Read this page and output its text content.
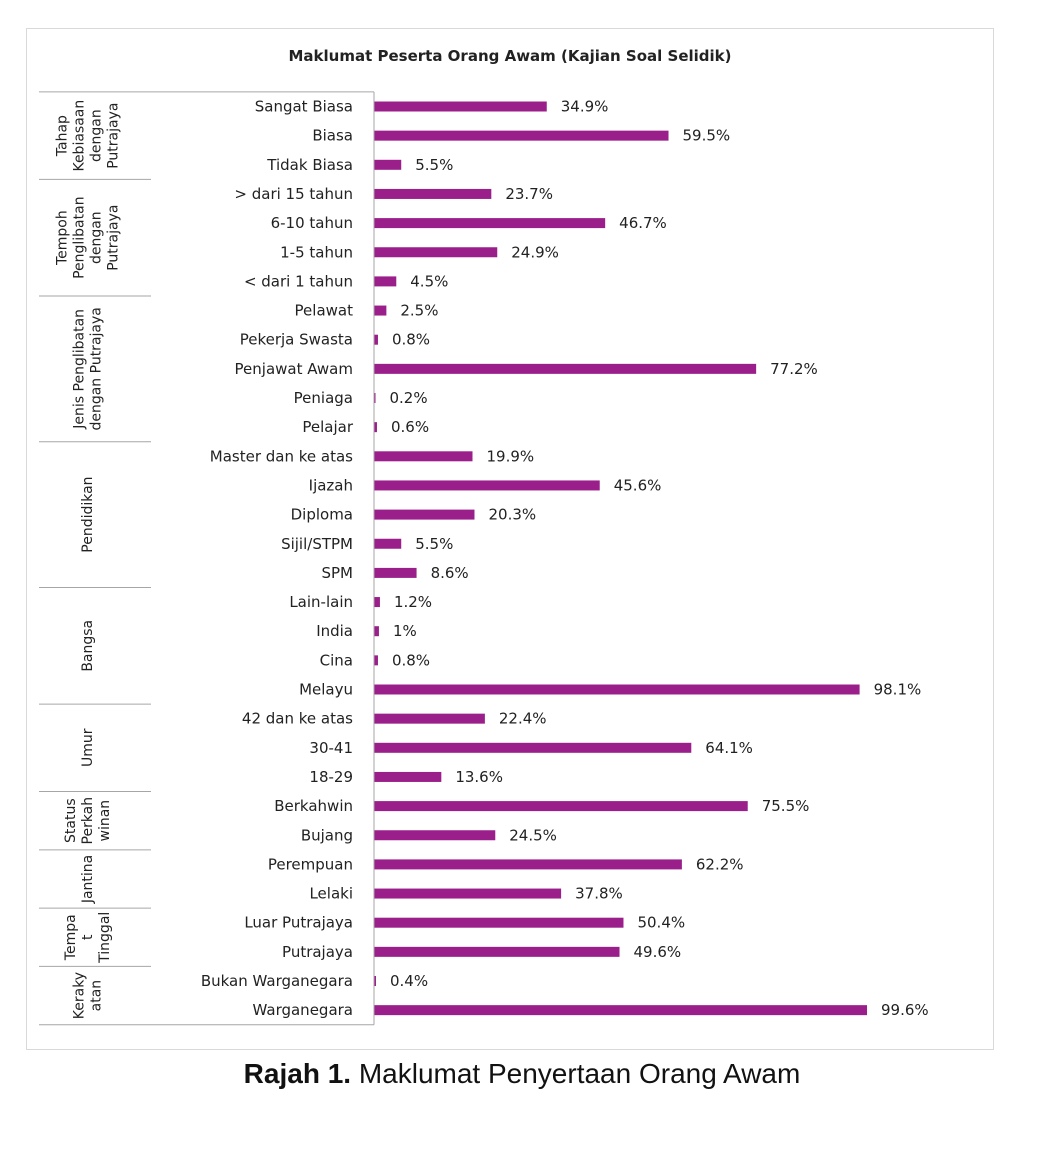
Maklumat Peserta Orang Awam (Kajian Soal Selidik)
Sangat Biasa	34.9%
Biasa	59.5%
Tidak Biasa	5.5%
TahapKebiasaandenganPutrajaya
> dari 15 tahun	23.7%
6-10 tahun	46.7%
1-5 tahun	24.9%
< dari 1 tahun	4.5%
TempohPenglibatandenganPutrajaya
Pelawat	2.5%
Pekerja Swasta	0.8%
Penjawat Awam	77.2%
Peniaga 0.2%
Pelajar	0.6%
Jenis Penglibatandengan Putrajaya
Master dan ke atas	19.9%
Ijazah	45.6%
Diploma	20.3%
Sijil/STPM	5.5%
SPM	8.6%
Pendidikan
Lain-lain	1.2%
India	1%
Cina	0.8%
Melayu	98.1%
Bangsa
42 dan ke atas	22.4%
30-41	64.1%
18-29	13.6%
Umur
Berkahwin	75.5%
Bujang	24.5%
StatusPerkahwinan
Perempuan	62.2%
Lelaki	37.8%
Jantina
Luar Putrajaya	50.4%
Putrajaya	49.6%
TempatTinggal
Bukan Warganegara 0.4%
Warganegara	99.6%
Kerakyatan
Rajah 1. Maklumat Penyertaan Orang Awam
